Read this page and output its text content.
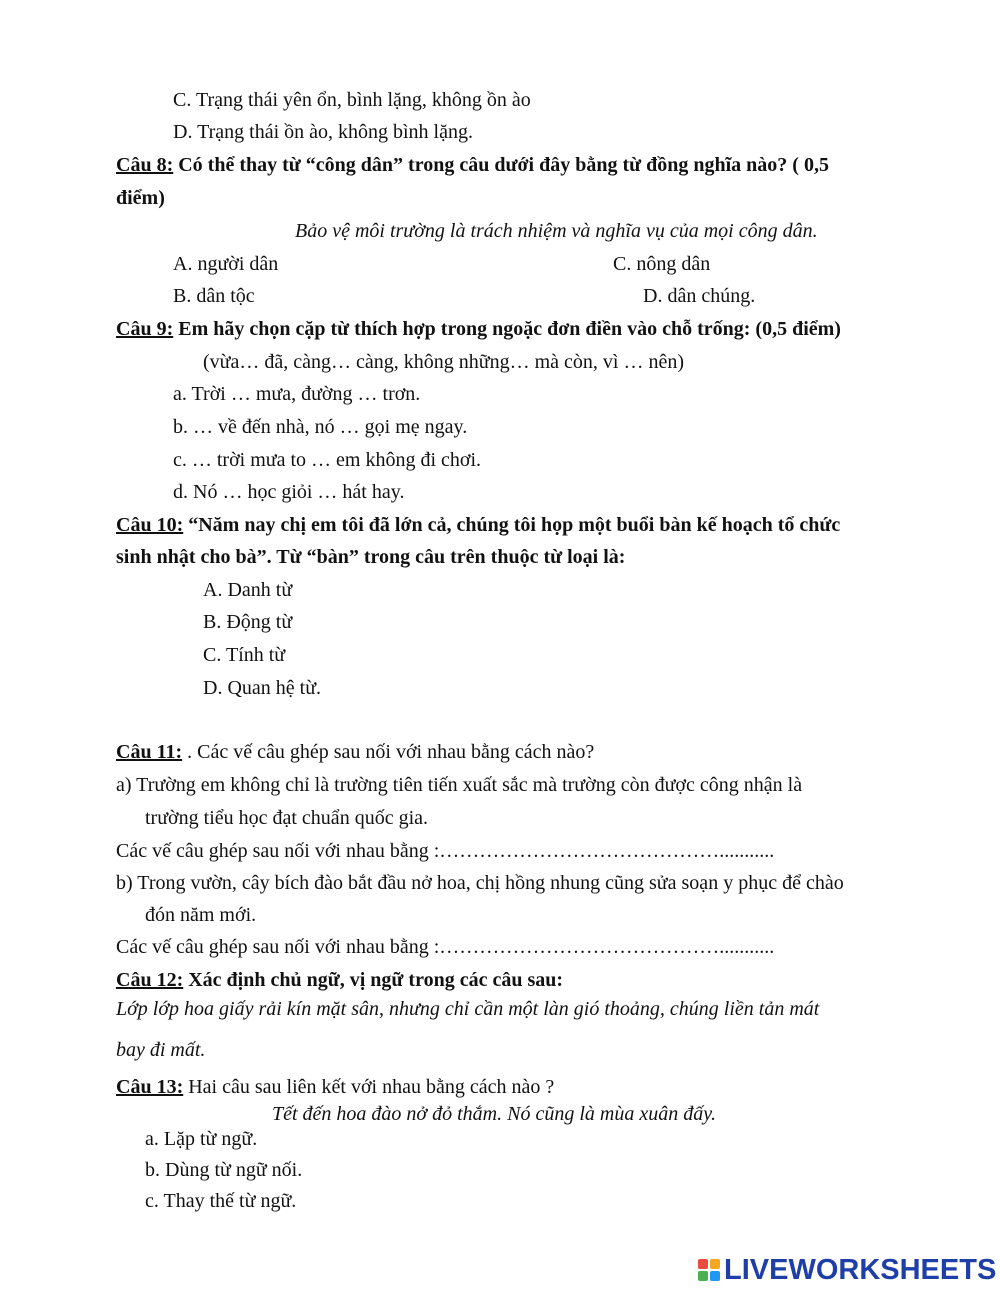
C. Trạng thái yên ổn, bình lặng, không ồn ào
D. Trạng thái ồn ào, không bình lặng.
Câu 8: Có thể thay từ “công dân” trong câu dưới đây bằng từ đồng nghĩa nào? ( 0,5
điểm)
Bảo vệ môi trường là trách nhiệm và nghĩa vụ của mọi công dân.
A. người dân	C. nông dân
B. dân tộc	D. dân chúng.
Câu 9: Em hãy chọn cặp từ thích hợp trong ngoặc đơn điền vào chỗ trống: (0,5 điểm)
(vừa… đã, càng… càng, không những… mà còn, vì … nên)
a. Trời … mưa, đường … trơn.
b. … về đến nhà, nó … gọi mẹ ngay.
c. … trời mưa to … em không đi chơi.
d. Nó … học giỏi … hát hay.
Câu 10: “Năm nay chị em tôi đã lớn cả, chúng tôi họp một buổi bàn kế hoạch tổ chức
sinh nhật cho bà”. Từ “bàn” trong câu trên thuộc từ loại là:
A. Danh từ
B. Động từ
C. Tính từ
D. Quan hệ từ.
Câu 11: . Các vế câu ghép sau nối với nhau bằng cách nào?
a) Trường em không chỉ là trường tiên tiến xuất sắc mà trường còn được công nhận là
trường tiểu học đạt chuẩn quốc gia.
Các vế câu ghép sau nối với nhau bằng :……………………………………...........
b) Trong vườn, cây bích đào bắt đầu nở hoa, chị hồng nhung cũng sửa soạn y phục để chào
đón năm mới.
Các vế câu ghép sau nối với nhau bằng :……………………………………...........
Câu 12: Xác định chủ ngữ, vị ngữ trong các câu sau:
Lớp lớp hoa giấy rải kín mặt sân, nhưng chỉ cần một làn gió thoảng, chúng liền tản mát
bay đi mất.
Câu 13: Hai câu sau liên kết với nhau bằng cách nào ?
Tết đến hoa đào nở đỏ thắm. Nó cũng là mùa xuân đấy.
a. Lặp từ ngữ.
b. Dùng từ ngữ nối.
c. Thay thế từ ngữ.
LIVEWORKSHEETS
